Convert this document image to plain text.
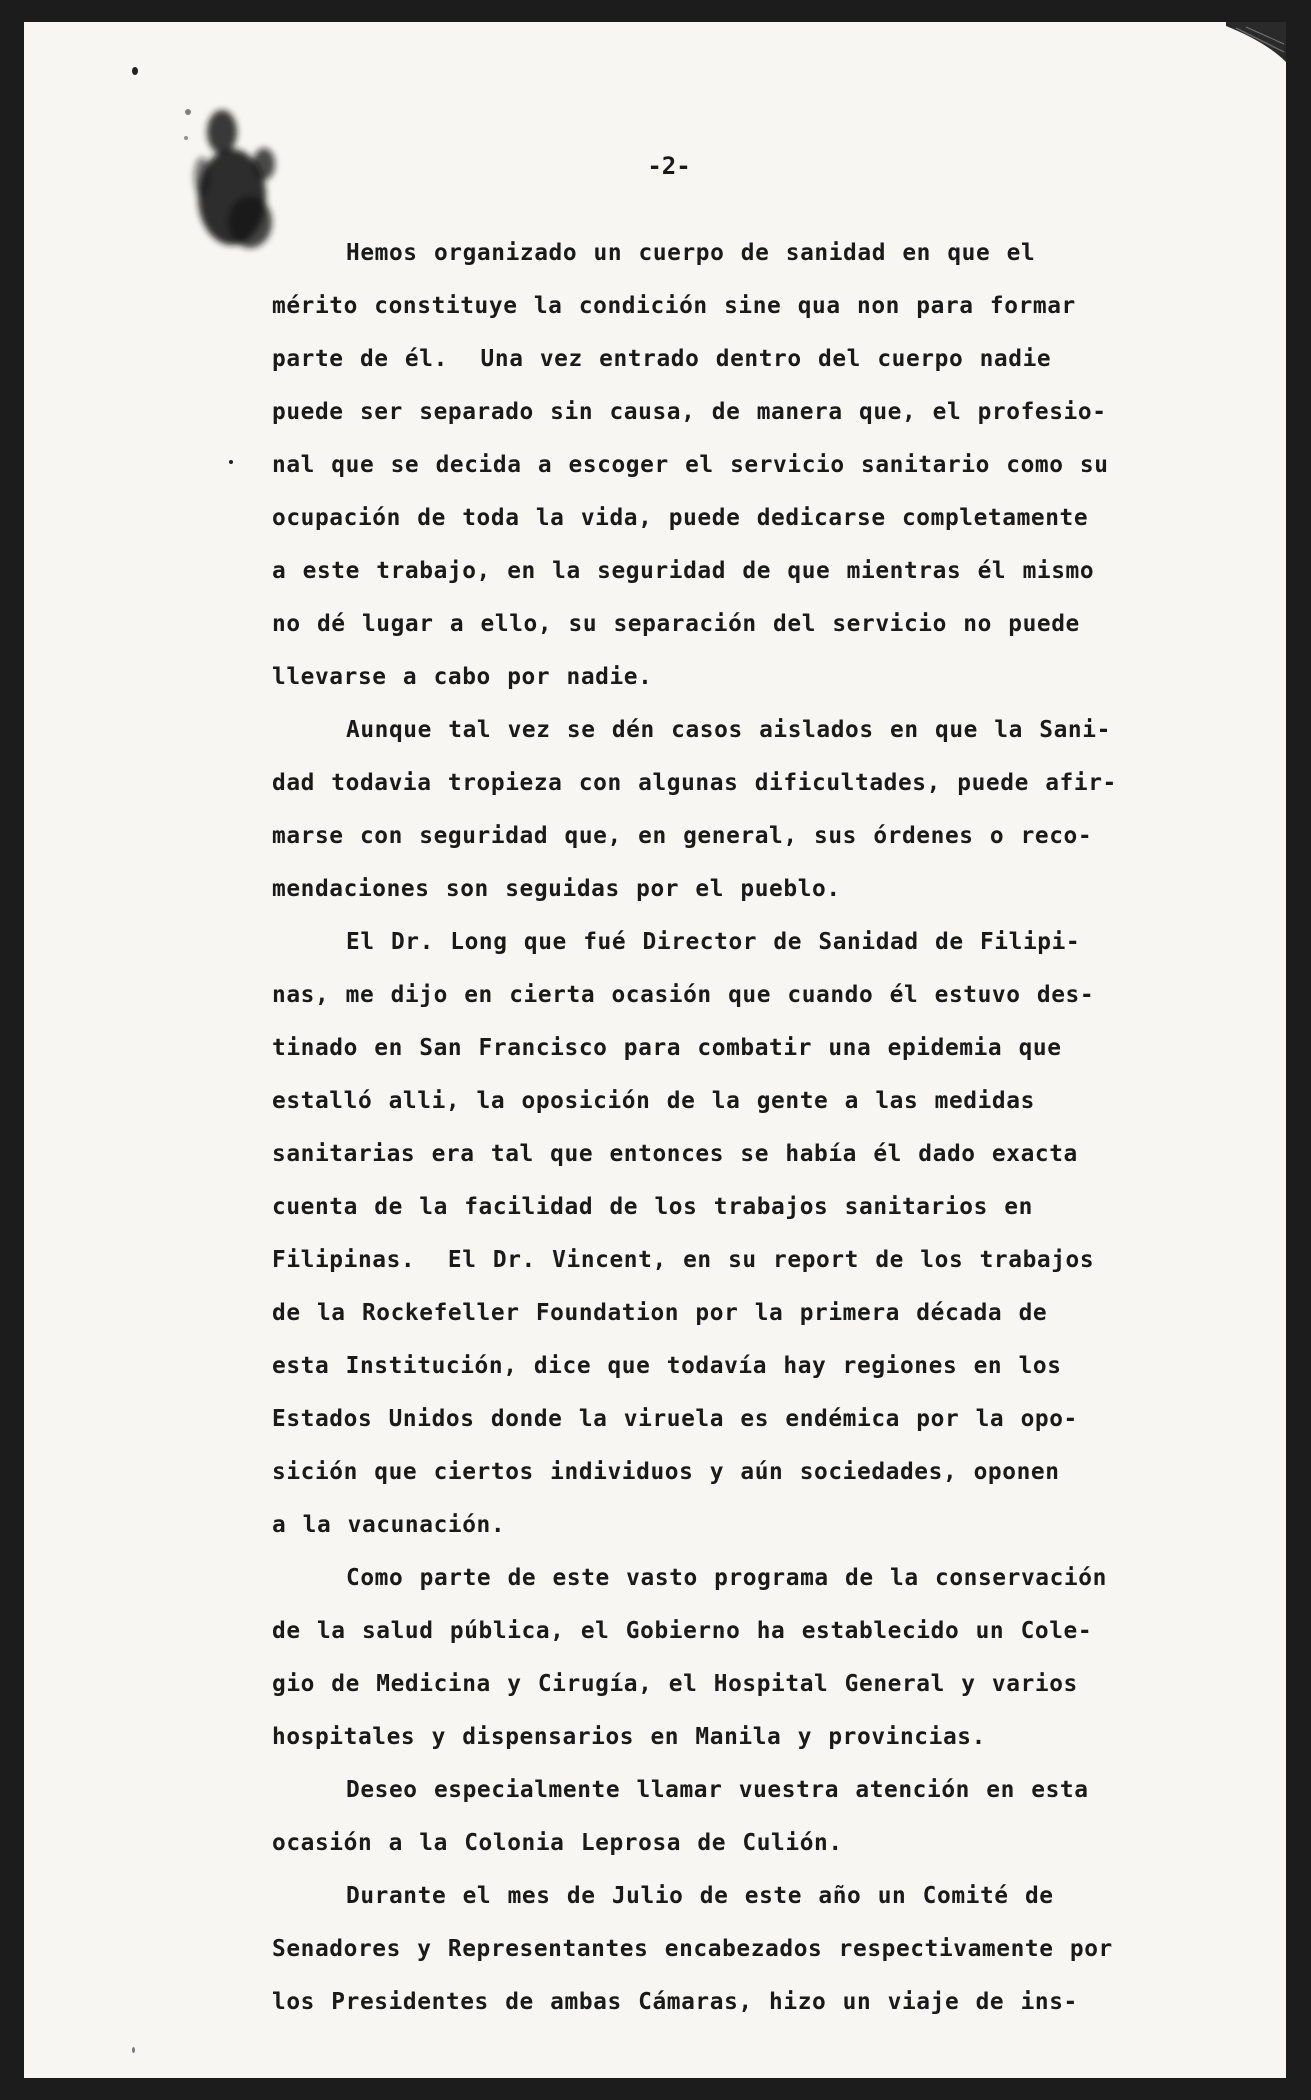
-2-

Hemos organizado un cuerpo de sanidad en que el
mérito constituye la condición sine qua non para formar
parte de él.  Una vez entrado dentro del cuerpo nadie
puede ser separado sin causa, de manera que, el profesio-
nal que se decida a escoger el servicio sanitario como su
ocupación de toda la vida, puede dedicarse completamente
a este trabajo, en la seguridad de que mientras él mismo
no dé lugar a ello, su separación del servicio no puede
llevarse a cabo por nadie.

Aunque tal vez se dén casos aislados en que la Sani-
dad todavia tropieza con algunas dificultades, puede afir-
marse con seguridad que, en general, sus órdenes o reco-
mendaciones son seguidas por el pueblo.

El Dr. Long que fué Director de Sanidad de Filipi-
nas, me dijo en cierta ocasión que cuando él estuvo des-
tinado en San Francisco para combatir una epidemia que
estalló alli, la oposición de la gente a las medidas
sanitarias era tal que entonces se había él dado exacta
cuenta de la facilidad de los trabajos sanitarios en
Filipinas.  El Dr. Vincent, en su report de los trabajos
de la Rockefeller Foundation por la primera década de
esta Institución, dice que todavía hay regiones en los
Estados Unidos donde la viruela es endémica por la opo-
sición que ciertos individuos y aún sociedades, oponen
a la vacunación.

Como parte de este vasto programa de la conservación
de la salud pública, el Gobierno ha establecido un Cole-
gio de Medicina y Cirugía, el Hospital General y varios
hospitales y dispensarios en Manila y provincias.

Deseo especialmente llamar vuestra atención en esta
ocasión a la Colonia Leprosa de Culión.

Durante el mes de Julio de este año un Comité de
Senadores y Representantes encabezados respectivamente por
los Presidentes de ambas Cámaras, hizo un viaje de ins-
